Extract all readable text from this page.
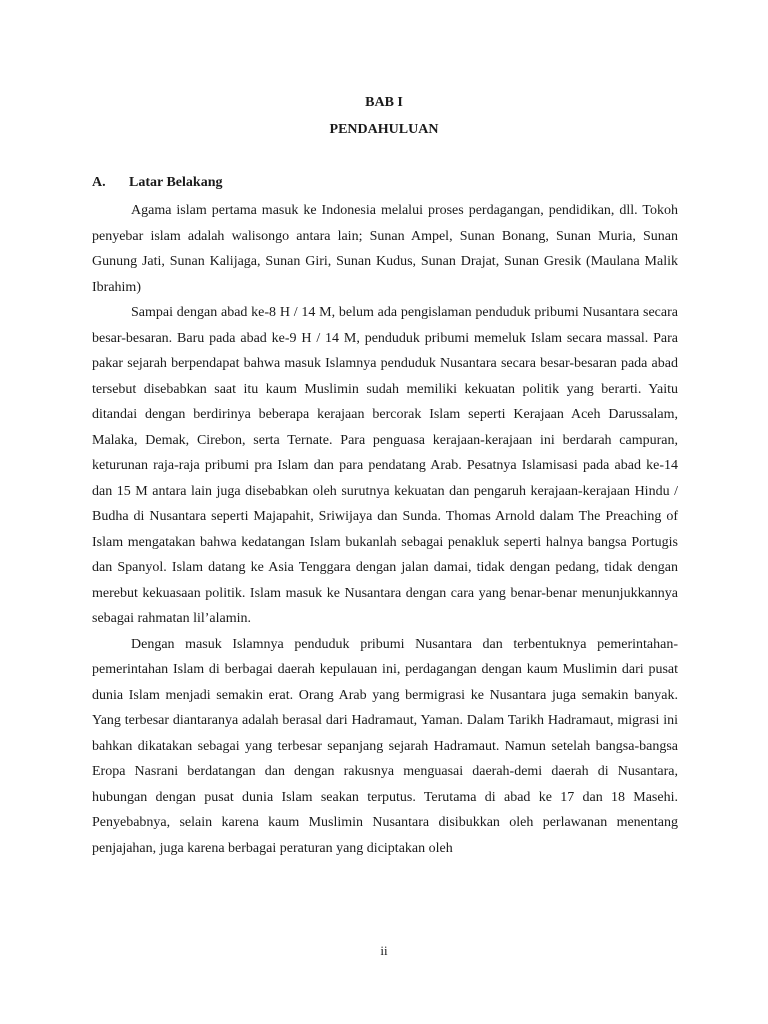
BAB I
PENDAHULUAN
A. Latar Belakang

Agama islam pertama masuk ke Indonesia melalui proses perdagangan, pendidikan, dll. Tokoh penyebar islam adalah walisongo antara lain; Sunan Ampel, Sunan Bonang, Sunan Muria, Sunan Gunung Jati, Sunan Kalijaga, Sunan Giri, Sunan Kudus, Sunan Drajat, Sunan Gresik (Maulana Malik Ibrahim)

Sampai dengan abad ke-8 H / 14 M, belum ada pengislaman penduduk pribumi Nusantara secara besar-besaran. Baru pada abad ke-9 H / 14 M, penduduk pribumi memeluk Islam secara massal. Para pakar sejarah berpendapat bahwa masuk Islamnya penduduk Nusantara secara besar-besaran pada abad tersebut disebabkan saat itu kaum Muslimin sudah memiliki kekuatan politik yang berarti. Yaitu ditandai dengan berdirinya beberapa kerajaan bercorak Islam seperti Kerajaan Aceh Darussalam, Malaka, Demak, Cirebon, serta Ternate. Para penguasa kerajaan-kerajaan ini berdarah campuran, keturunan raja-raja pribumi pra Islam dan para pendatang Arab. Pesatnya Islamisasi pada abad ke-14 dan 15 M antara lain juga disebabkan oleh surutnya kekuatan dan pengaruh kerajaan-kerajaan Hindu / Budha di Nusantara seperti Majapahit, Sriwijaya dan Sunda. Thomas Arnold dalam The Preaching of Islam mengatakan bahwa kedatangan Islam bukanlah sebagai penakluk seperti halnya bangsa Portugis dan Spanyol. Islam datang ke Asia Tenggara dengan jalan damai, tidak dengan pedang, tidak dengan merebut kekuasaan politik. Islam masuk ke Nusantara dengan cara yang benar-benar menunjukkannya sebagai rahmatan lil’alamin.

Dengan masuk Islamnya penduduk pribumi Nusantara dan terbentuknya pemerintahan-pemerintahan Islam di berbagai daerah kepulauan ini, perdagangan dengan kaum Muslimin dari pusat dunia Islam menjadi semakin erat. Orang Arab yang bermigrasi ke Nusantara juga semakin banyak. Yang terbesar diantaranya adalah berasal dari Hadramaut, Yaman. Dalam Tarikh Hadramaut, migrasi ini bahkan dikatakan sebagai yang terbesar sepanjang sejarah Hadramaut. Namun setelah bangsa-bangsa Eropa Nasrani berdatangan dan dengan rakusnya menguasai daerah-demi daerah di Nusantara, hubungan dengan pusat dunia Islam seakan terputus. Terutama di abad ke 17 dan 18 Masehi. Penyebabnya, selain karena kaum Muslimin Nusantara disibukkan oleh perlawanan menentang penjajahan, juga karena berbagai peraturan yang diciptakan oleh

ii
